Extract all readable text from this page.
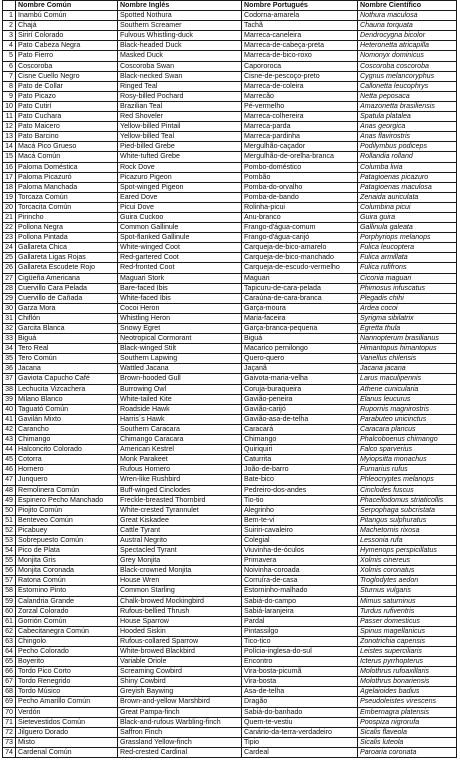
	Nombre Común	Nombre Inglés	Nombre Portugués	Nombre Científico
1	Inambú Común	Spotted Nothura	Codorna-amarela	Nothura maculosa
2	Chajá	Southern Screamer	Tachã	Chauna torquata
3	Sirirí Colorado	Fulvous Whistling-duck	Marreca-caneleira	Dendrocygna bicolor
4	Pato Cabeza Negra	Black-headed Duck	Marreca-de-cabeça-preta	Heteronetta atricapilla
5	Pato Fierro	Masked Duck	Marreca-de-bico-roxo	Nomonyx dominicus
6	Coscoroba	Coscoroba Swan	Capororoca	Coscoroba coscoroba
7	Cisne Cuello Negro	Black-necked Swan	Cisne-de-pescoço-preto	Cygnus melancoryphus
8	Pato de Collar	Ringed Teal	Marreca-de-coleira	Callonetta leucophrys
9	Pato Picazo	Rosy-billed Pochard	Marrecão	Netta peposaca
10	Pato Cutirí	Brazilian Teal	Pé-vermelho	Amazonetta brasiliensis
11	Pato Cuchara	Red Shoveler	Marreca-colhereira	Spatula platalea
12	Pato Maicero	Yellow-billed Pintail	Marreca-parda	Anas georgica
13	Pato Barcino	Yellow-billed Teal	Marreca-pardinha	Anas flavirostris
14	Macá Pico Grueso	Pied-billed Grebe	Mergulhão-caçador	Podilymbus podiceps
15	Macá Común	White-tufted Grebe	Mergulhão-de-orelha-branca	Rollandia rolland
16	Paloma Doméstica	Rock Dove	Pombo-doméstico	Columba livia
17	Paloma Picazuró	Picazuro Pigeon	Pombão	Patagioenas picazuro
18	Paloma Manchada	Spot-winged Pigeon	Pomba-do-orvalho	Patagioenas maculosa
19	Torcaza Común	Eared Dove	Pomba-de-bando	Zenaida auriculata
20	Torcacita Común	Picui Dove	Rolinha-picui	Columbina picui
21	Pirincho	Guira Cuckoo	Anu-branco	Guira guira
22	Pollona Negra	Common Gallinule	Frango-d'água-comum	Gallinula galeata
23	Pollona Pintada	Spot-flanked Gallinule	Frango-d'água-carijó	Porphyriops melanops
24	Gallareta Chica	White-winged Coot	Carqueja-de-bico-amarelo	Fulica leucoptera
25	Gallareta Ligas Rojas	Red-gartered Coot	Carqueja-de-bico-manchado	Fulica armillata
26	Gallareta Escudete Rojo	Red-fronted Coot	Carqueja-de-escudo-vermelho	Fulica rufifrons
27	Cigüeña Americana	Maguari Stork	Maguari	Ciconia maguari
28	Cuervillo Cara Pelada	Bare-faced Ibis	Tapicuru-de-cara-pelada	Phimosus infuscatus
29	Cuervillo de Cañada	White-faced Ibis	Caraúna-de-cara-branca	Plegadis chihi
30	Garza Mora	Cocoi Heron	Garça-moura	Ardea cocoi
31	Chiflón	Whistling Heron	Maria-faceira	Syrigma sibilatrix
32	Garcita Blanca	Snowy Egret	Garça-branca-pequena	Egretta thula
33	Biguá	Neotropical Cormorant	Biguá	Nannopterum brasilianus
34	Tero Real	Black-winged Stilt	Macarico pernilongo	Himantopus himantopus
35	Tero Común	Southern Lapwing	Quero-quero	Vanellus chilensis
36	Jacana	Wattled Jacana	Jaçanã	Jacana jacana
37	Gaviota Capucho Café	Brown-hooded Gull	Gaivota-maria-velha	Larus maculipennis
38	Lechucita Vizcachera	Burrowing Owl	Coruja-buraqueira	Athene cunicularia
39	Milano Blanco	White-tailed Kite	Gavião-peneira	Elanus leucurus
40	Taguató Común	Roadside Hawk	Gavião-carijó	Rupornis magnirostris
41	Gavilán Mixto	Harris´s Hawk	Gavião-asa-de-telha	Parabuteo unicinctus
42	Carancho	Southern Caracara	Caracará	Caracara plancus
43	Chimango	Chimango Caracara	Chimango	Phalcoboenus chimango
44	Halconcito Colorado	American Kestrel	Quiriquiri	Falco sparverius
45	Cotorra	Monk Parakeet	Caturrita	Myiopsitta monachus
46	Hornero	Rufous Hornero	João-de-barro	Furnarius rufus
47	Junquero	Wren-like Rushbird	Bate-bico	Phleocryptes melanops
48	Remolinera Común	Buff-winged Cinclodes	Pedreiro-dos-andes	Cinclodes fuscus
49	Espinero Pecho Manchado	Freckle-breasted Thornbird	Tio-tio	Phacellodomus striaticollis
50	Piojito Común	White-crested Tyrannulet	Alegrinho	Serpophaga subcristata
51	Benteveo Común	Great Kiskadee	Bem-te-vi	Pitangus sulphuratus
52	Picabuey	Cattle Tyrant	Suiriri-cavaleiro	Machetornis rixosa
53	Sobrepuesto Común	Austral Negrito	Colegial	Lessonia rufa
54	Pico de Plata	Spectacled Tyrant	Viuvinha-de-óculos	Hymenops perspicillatus
55	Monjita Gris	Grey Monjita	Primavera	Xolmis cinereus
56	Monjita Coronada	Black-crowned Monjita	Noivinha-coroada	Xolmis coronatus
57	Ratona Común	House Wren	Corruíra-de-casa	Troglodytes aedon
58	Estornino Pinto	Common Starling	Estorninho-malhado	Sturnus vulgaris
59	Calandria Grande	Chalk-browed Mockingbird	Sabiá-do-campo	Mimus saturninus
60	Zorzal Colorado	Rufous-bellied Thrush	Sabiá-laranjeira	Turdus rufiventris
61	Gorrión Común	House Sparrow	Pardal	Passer domesticus
62	Cabecitanegra Común	Hooded Siskin	Pintassilgo	Spinus magellanicus
63	Chingolo	Rufous-collared Sparrow	Tico-tico	Zonotrichia capensis
64	Pecho Colorado	White-browed Blackbird	Polícia-inglesa-do-sul	Leistes superciliaris
65	Boyerito	Variable Oriole	Encontro	Icterus pyrrhopterus
66	Tordo Pico Corto	Screaming Cowbird	Vira-bosta-picumã	Molothrus rufoaxillaris
67	Tordo Renegrido	Shiny Cowbird	Vira-bosta	Molothrus bonariensis
68	Tordo Músico	Greyish Baywing	Asa-de-telha	Agelaioides badius
69	Pecho Amarillo Común	Brown-and-yellow Marshbird	Dragão	Pseudoleistes virescens
70	Verdón	Great Pampa-finch	Sabiá-do-banhado	Embernagra platensis
71	Sietevestidos Común	Black-and-rufous Warbling-finch	Quem-te-vestiu	Poospiza nigrorufa
72	Jilguero Dorado	Saffron Finch	Canário-da-terra-verdadeiro	Sicalis flaveola
73	Misto	Grassland Yellow-finch	Tipio	Sicalis luteola
74	Cardenal Común	Red-crested Cardinal	Cardeal	Paroaria coronata
